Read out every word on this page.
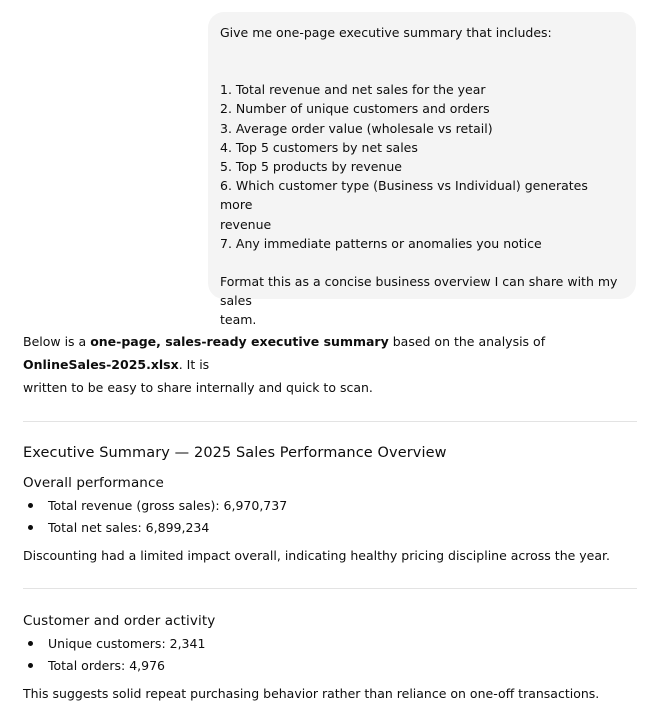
Give me one-page executive summary that includes:

1. Total revenue and net sales for the year

2. Number of unique customers and orders

3. Average order value (wholesale vs retail)

4. Top 5 customers by net sales

5. Top 5 products by revenue

6. Which customer type (Business vs Individual) generates more

revenue

7. Any immediate patterns or anomalies you notice

Format this as a concise business overview I can share with my sales

team.

Below is a one-page, sales-ready executive summary based on the analysis of OnlineSales-2025.xlsx. It is
written to be easy to share internally and quick to scan.

Executive Summary — 2025 Sales Performance Overview
Overall performance
Total revenue (gross sales): 6,970,737
Total net sales: 6,899,234

Discounting had a limited impact overall, indicating healthy pricing discipline across the year.

Customer and order activity
Unique customers: 2,341
Total orders: 4,976

This suggests solid repeat purchasing behavior rather than reliance on one-off transactions.
